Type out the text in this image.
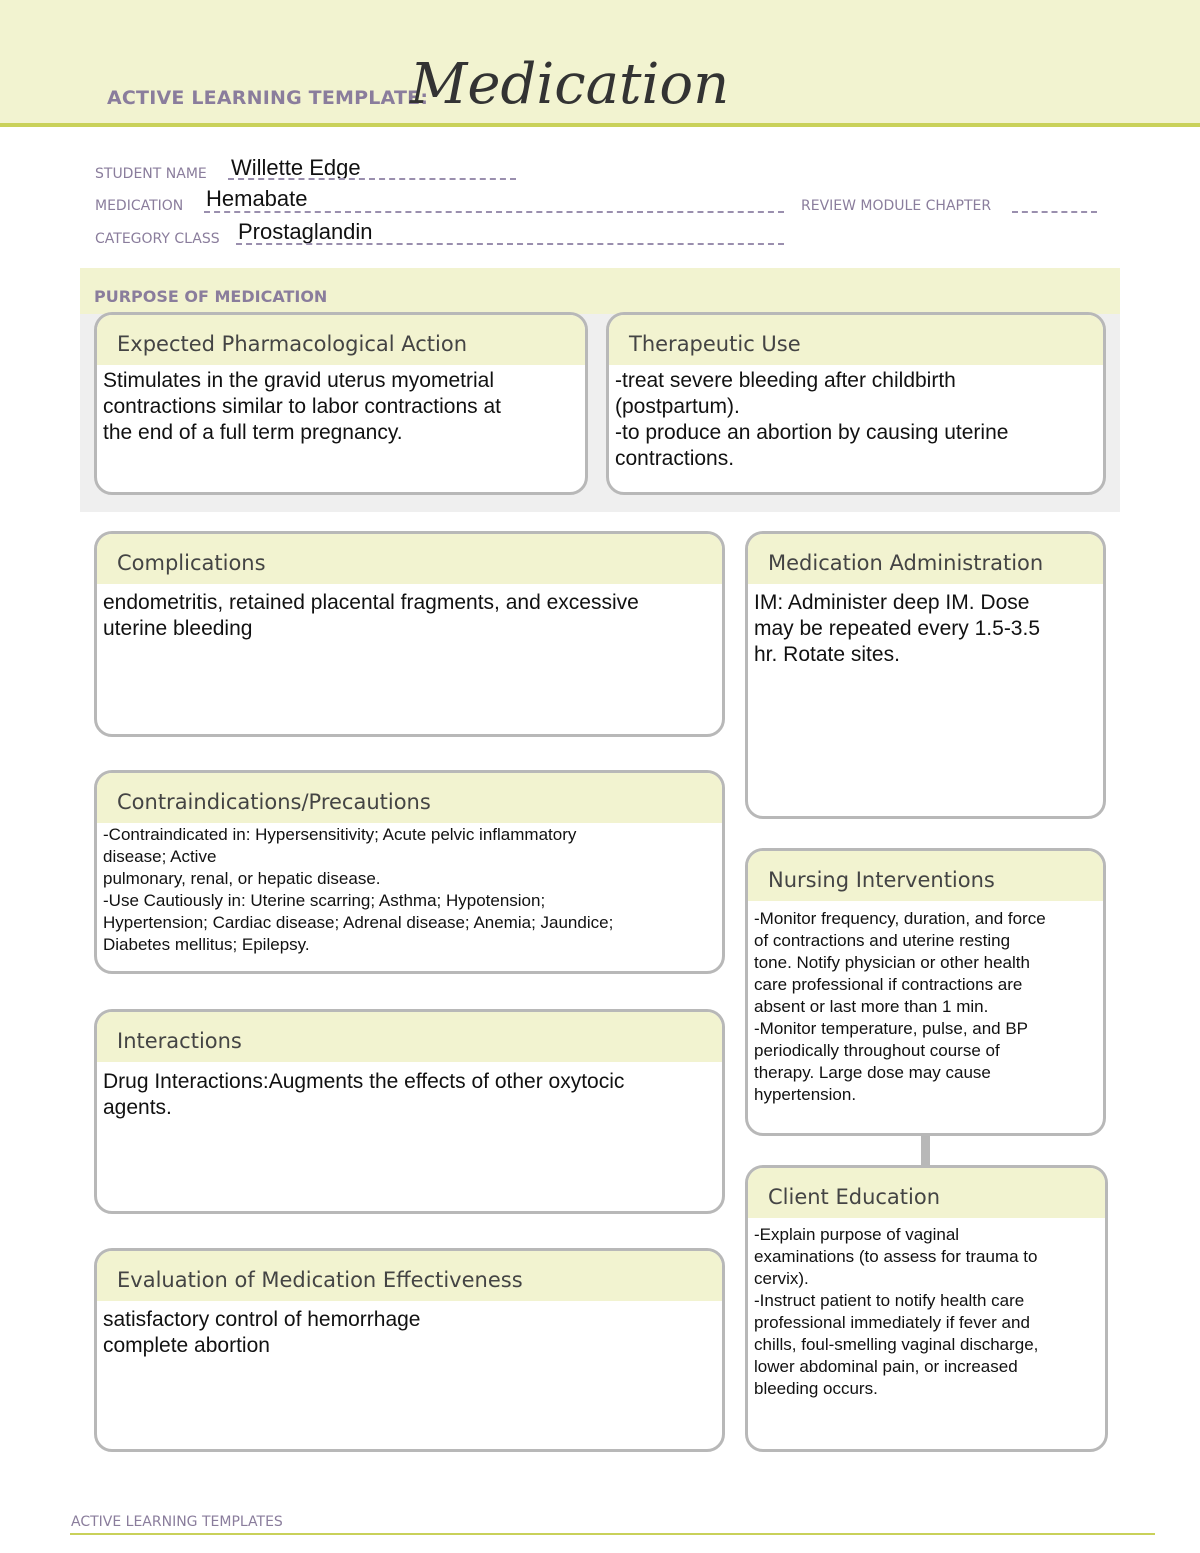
ACTIVE LEARNING TEMPLATE:
Medication
STUDENT NAME Willette Edge
MEDICATION Hemabate	REVIEW MODULE CHAPTER
CATEGORY CLASS Prostaglandin
PURPOSE OF MEDICATION
Expected Pharmacological Action
Stimulates in the gravid uterus myometrial
contractions similar to labor contractions at
the end of a full term pregnancy.
Therapeutic Use
-treat severe bleeding after childbirth
(postpartum).
-to produce an abortion by causing uterine
contractions.
Complications
endometritis, retained placental fragments, and excessive
uterine bleeding
Medication Administration
IM: Administer deep IM. Dose
may be repeated every 1.5-3.5
hr. Rotate sites.
Contraindications/Precautions
-Contraindicated in: Hypersensitivity; Acute pelvic inflammatory
disease; Active
pulmonary, renal, or hepatic disease.
-Use Cautiously in: Uterine scarring; Asthma; Hypotension;
Hypertension; Cardiac disease; Adrenal disease; Anemia; Jaundice;
Diabetes mellitus; Epilepsy.
Nursing Interventions
-Monitor frequency, duration, and force
of contractions and uterine resting
tone. Notify physician or other health
care professional if contractions are
absent or last more than 1 min.
-Monitor temperature, pulse, and BP
periodically throughout course of
therapy. Large dose may cause
hypertension.
Interactions
Drug Interactions:Augments the effects of other oxytocic
agents.
Client Education
-Explain purpose of vaginal
examinations (to assess for trauma to
cervix).
-Instruct patient to notify health care
professional immediately if fever and
chills, foul-smelling vaginal discharge,
lower abdominal pain, or increased
bleeding occurs.
Evaluation of Medication Effectiveness
satisfactory control of hemorrhage
complete abortion
ACTIVE LEARNING TEMPLATES
